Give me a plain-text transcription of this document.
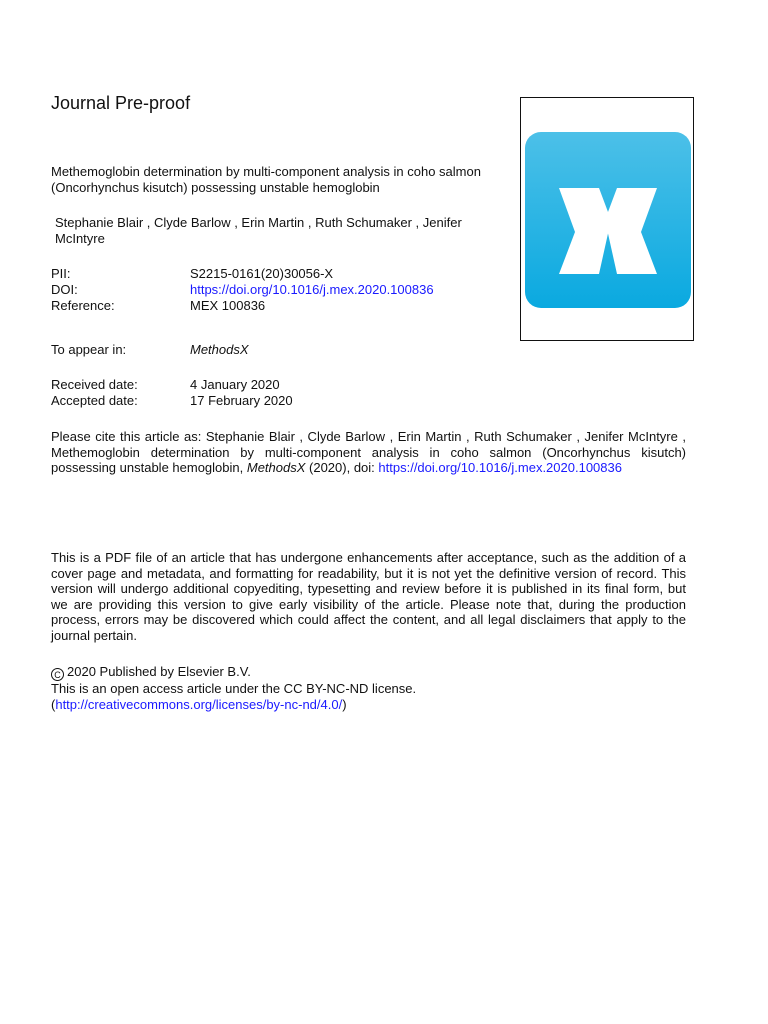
Journal Pre-proof
Methemoglobin determination by multi-component analysis in coho salmon (Oncorhynchus kisutch) possessing unstable hemoglobin
Stephanie Blair , Clyde Barlow , Erin Martin , Ruth Schumaker , Jenifer McIntyre
PII:	S2215-0161(20)30056-X
DOI:	https://doi.org/10.1016/j.mex.2020.100836
Reference:	MEX 100836
To appear in:	MethodsX
Received date:	4 January 2020
Accepted date:	17 February 2020
Please cite this article as: Stephanie Blair , Clyde Barlow , Erin Martin , Ruth Schumaker , Jenifer McIntyre , Methemoglobin determination by multi-component analysis in coho salmon (Oncorhynchus kisutch) possessing unstable hemoglobin, MethodsX (2020), doi: https://doi.org/10.1016/j.mex.2020.100836
This is a PDF file of an article that has undergone enhancements after acceptance, such as the addition of a cover page and metadata, and formatting for readability, but it is not yet the definitive version of record. This version will undergo additional copyediting, typesetting and review before it is published in its final form, but we are providing this version to give early visibility of the article. Please note that, during the production process, errors may be discovered which could affect the content, and all legal disclaimers that apply to the journal pertain.
C 2020 Published by Elsevier B.V.
This is an open access article under the CC BY-NC-ND license.
(http://creativecommons.org/licenses/by-nc-nd/4.0/)
